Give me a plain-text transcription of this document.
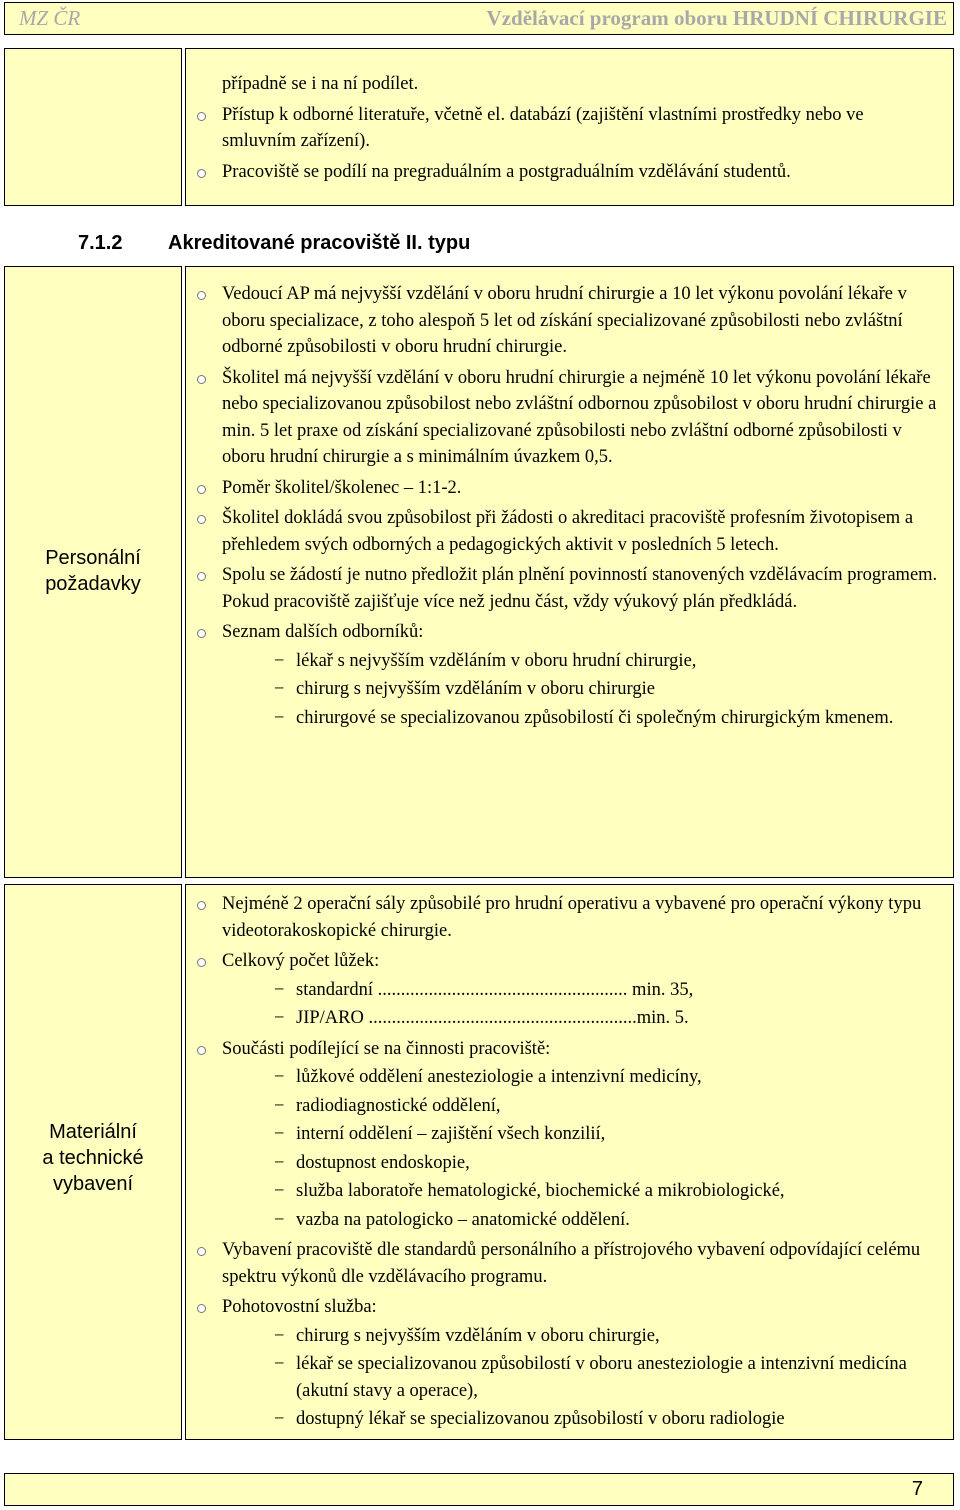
MZ ČR	Vzdělávací program oboru HRUDNÍ CHIRURGIE
případně se i na ní podílet.
Přístup k odborné literatuře, včetně el. databází (zajištění vlastními prostředky nebo ve smluvním zařízení).
Pracoviště se podílí na pregraduálním a postgraduálním vzdělávání studentů.
7.1.2 Akreditované pracoviště II. typu
Personální
požadavky
Vedoucí AP má nejvyšší vzdělání v oboru hrudní chirurgie a 10 let výkonu povolání lékaře v oboru specializace, z toho alespoň 5 let od získání specializované způsobilosti nebo zvláštní odborné způsobilosti v oboru hrudní chirurgie.
Školitel má nejvyšší vzdělání v oboru hrudní chirurgie a nejméně 10 let výkonu povolání lékaře nebo specializovanou způsobilost nebo zvláštní odbornou způsobilost v oboru hrudní chirurgie a min. 5 let praxe od získání specializované způsobilosti nebo zvláštní odborné způsobilosti v oboru hrudní chirurgie a s minimálním úvazkem 0,5.
Poměr školitel/školenec – 1:1-2.
Školitel dokládá svou způsobilost při žádosti o akreditaci pracoviště profesním životopisem a přehledem svých odborných a pedagogických aktivit v posledních 5 letech.
Spolu se žádostí je nutno předložit plán plnění povinností stanovených vzdělávacím programem. Pokud pracoviště zajišťuje více než jednu část, vždy výukový plán předkládá.
Seznam dalších odborníků:
− lékař s nejvyšším vzděláním v oboru hrudní chirurgie,
− chirurg s nejvyšším vzděláním v oboru chirurgie
− chirurgové se specializovanou způsobilostí či společným chirurgickým kmenem.
Materiální
a technické
vybavení
Nejméně 2 operační sály způsobilé pro hrudní operativu a vybavené pro operační výkony typu videotorakoskopické chirurgie.
Celkový počet lůžek:
− standardní ...................................................... min. 35,
− JIP/ARO ..........................................................min. 5.
Součásti podílející se na činnosti pracoviště:
− lůžkové oddělení anesteziologie a intenzivní medicíny,
− radiodiagnostické oddělení,
− interní oddělení – zajištění všech konzilií,
− dostupnost endoskopie,
− služba laboratoře hematologické, biochemické a mikrobiologické,
− vazba na patologicko – anatomické oddělení.
Vybavení pracoviště dle standardů personálního a přístrojového vybavení odpovídající celému spektru výkonů dle vzdělávacího programu.
Pohotovostní služba:
− chirurg s nejvyšším vzděláním v oboru chirurgie,
− lékař se specializovanou způsobilostí v oboru anesteziologie a intenzivní medicína (akutní stavy a operace),
− dostupný lékař se specializovanou způsobilostí v oboru radiologie
7
